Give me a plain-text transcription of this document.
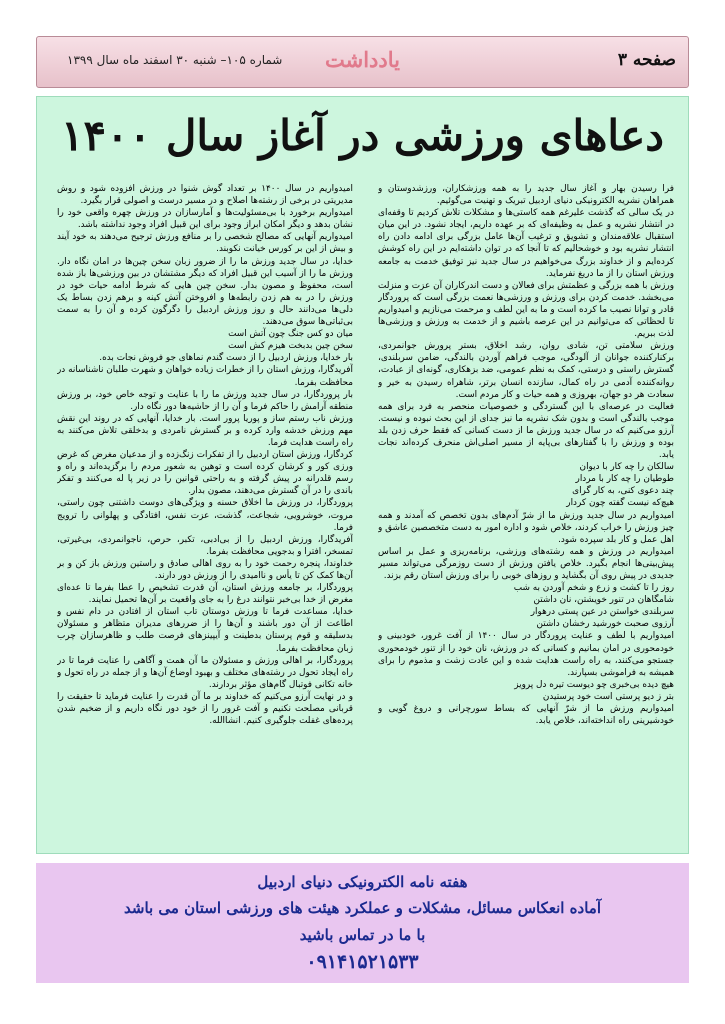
صفحه ۳
یادداشت
شماره ۱۰۵– شنبه ۳۰ اسفند ماه سال ۱۳۹۹
دعاهای ورزشی در آغاز سال ۱۴۰۰

فرا رسیدن بهار و آغاز سال جدید را به همه ورزشکاران، ورزشدوستان و همراهان نشریه الکترونیکی دنیای اردبیل تبریک و تهنیت می‌گوئیم.

در یک سالی که گذشت علیرغم همه کاستی‌ها و مشکلات تلاش کردیم تا وقفه‌ای در انتشار نشریه و عمل به وظیفه‌ای که بر عهده داریم، ایجاد نشود. در این میان استقبال علاقه‌مندان و تشویق و ترغیب آن‌ها عامل بزرگی برای ادامه دادن راه انتشار نشریه بود و خوشحالیم که تا آنجا که در توان داشته‌ایم در این راه کوشش کرده‌ایم و از خداوند بزرگ می‌خواهیم در سال جدید نیز توفیق خدمت به جامعه ورزش استان را از ما دریغ نفرماید.

ورزش با همه بزرگی و عظمتش برای فعالان و دست اندرکاران آن عزت و منزلت می‌بخشد. خدمت کردن برای ورزش و ورزشی‌ها نعمت بزرگی است که پروردگار قادر و توانا نصیب ما کرده است و ما به این لطف و مرحمت می‌نازیم و امیدواریم تا لحظاتی که می‌توانیم در این عرصه باشیم و از خدمت به ورزش و ورزشی‌ها لذت ببریم.

ورزش سلامتی تن، شادی روان، رشد اخلاق، بستر پرورش جوانمردی، برکنارکننده جوانان از آلودگی، موجب فراهم آوردن بالندگی، ضامن سربلندی، گسترش راستی و درستی، کمک به نظم عمومی، ضد بزهکاری، گونه‌ای از عبادت، روانه‌کننده آدمی در راه کمال، سازنده انسان برتر، شاهراه رسیدن به خیر و سعادت هر دو جهان، بهروزی و همه حیات و کار مردم است.

فعالیت در عرصه‌ای با این گستردگی و خصوصیات منحصر به فرد برای همه موجب بالندگی است و بدون شک نشریه ما نیز جدای از این بحث نبوده و نیست. آرزو می‌کنیم که در سال جدید ورزش ما از دست کسانی که فقط حرف زدن بلد بوده و ورزش را با گفتارهای بی‌پایه از مسیر اصلی‌اش منحرف کرده‌اند نجات یابد.

سالکان را چه کار با دیوان

طوطیان را چه کار با مردار

چند دعوی کنی، به کار گرای

هیچ‌که نیست گفته چون کردار

امیدواریم در سال جدید ورزش ما از شرّ آدم‌های بدون تخصص که آمدند و همه چیز ورزش را خراب کردند، خلاص شود و اداره امور به دست متخصصین عاشق و اهل عمل و کار بلد سپرده شود.

امیدواریم در ورزش و همه رشته‌های ورزشی، برنامه‌ریزی و عمل بر اساس پیش‌بینی‌ها انجام بگیرد. خلاص یافتن ورزش از دست روزمرگی می‌تواند مسیر جدیدی در پیش روی آن بگشاید و روزهای خوبی را برای ورزش استان رقم بزند.

روز را تا کشت و زرع و شخم آوردن به شب

شامگاهان در تنور خویشتن، نان داشتن

سربلندی خواستن در عین پستی درهوار

آرزوی صحبت خورشید رخشان داشتن

امیدواریم با لطف و عنایت پروردگار در سال ۱۴۰۰ از آفت غرور، خودبینی و خودمحوری در امان بمانیم و کسانی که در ورزش، نان خود را از تنور خودمحوری جستجو می‌کنند، به راه راست هدایت شده و این عادت زشت و مذموم را برای همیشه به فراموشی بسپارند.

هیچ دیده بی‌خبری چو دیوست تیره دل پرویز

بتر ز دیو پرستی است خود پرستیدن

امیدواریم ورزش ما از شرّ آنهایی که بساط سورچرانی و دروغ گویی و خودشیرینی راه انداخته‌اند، خلاص یابد.

امیدواریم در سال ۱۴۰۰ بر تعداد گوش شنوا در ورزش افزوده شود و روش مدیریتی در برخی از رشته‌ها اصلاح و در مسیر درست و اصولی قرار بگیرد.

امیدواریم برخورد با بی‌مسئولیت‌ها و آمارسازان در ورزش چهره واقعی خود را نشان بدهد و دیگر امکان ابراز وجود برای این قبیل افراد وجود نداشته باشد.

امیدواریم آنهایی که مصالح شخصی را بر منافع ورزش ترجیح می‌دهند به خود آیند و بیش از این بر کورس خیانت نکوبند.

خدایا، در سال جدید ورزش ما را از ضرور زبان سخن چین‌ها در امان نگاه دار. ورزش ما را از آسیب این قبیل افراد که دیگر مشتشان در بین ورزشی‌ها باز شده است، محفوظ و مصون بدار. سخن چین هایی که شرط ادامه حیات خود در ورزش را در به هم زدن رابطه‌ها و افروختن آتش کینه و برهم زدن بساط یک دلی‌ها می‌دانند حال و روز ورزش اردبیل را دگرگون کرده و آن را به سمت بی‌ثباتی‌ها سوق می‌دهند.

میان دو کس جنگ چون آتش است

سخن چین بدبخت هیزم کش است

بار خدایا، ورزش اردبیل را از دست گندم نماهای جو فروش نجات بده.

آفریدگارا، ورزش استان را از خطرات زیاده خواهان و شهرت طلبان ناشناسانه در محافظت بفرما.

بار پروردگارا، در سال جدید ورزش ما را با عنایت و توجه خاص خود، بر ورزش منطقه آرامش را حاکم فرما و آن را از حاشیه‌ها دور نگاه دار.

ورزش ناب رستم ساز و پوریا پرور است. بار خدایا، آنهایی که در روند این نقش مهم ورزش خدشه وارد کرده و بر گسترش نامردی و بدخلقی تلاش می‌کنند به راه راست هدایت فرما.

کردگارا، ورزش استان اردبیل را از تفکرات زنگ‌زده و از مدعیان مغرض که غرض ورزی کور و کرشان کرده است و توهین به شعور مردم را برگزیده‌اند و راه و رسم قلدرانه در پیش گرفته و به راحتی قوانین را در زیر پا له می‌کنند و تفکر باندی را در آن گسترش می‌دهند، مصون بدار.

پروردگارا، در ورزش ما اخلاق حسنه و ویژگی‌های دوست داشتنی چون راستی، مروت، خوشرویی، شجاعت، گذشت، عزت نفس، افتادگی و پهلوانی را ترویج فرما.

آفریدگارا، ورزش اردبیل را از بی‌ادبی، تکبر، حرص، ناجوانمردی، بی‌غیرتی، تمسخر، افترا و بدجویی محافظت بفرما.

خداوندا، پنجره رحمت خود را به روی اهالی صادق و راستین ورزش باز کن و بر آن‌ها کمک کن تا یأس و ناامیدی را از ورزش دور دارند.

پروردگارا، بر جامعه ورزش استان، آن قدرت تشخیص را عطا بفرما تا عده‌ای مغرض از خدا بی‌خبر نتوانند درغ را به جای واقعیت بر آن‌ها تحمیل نمایند.

خدایا، مساعدت فرما تا ورزش دوستان تاب استان از افتادن در دام نفس و اطاعت از آن دور باشند و آن‌ها را از ضررهای مدیران متظاهر و مسئولان بدسلیقه و قوم پرستان بدطینت و آیپینزهای فرصت طلب و ظاهرسازان چرب زبان محافظت بفرما.

پروردگارا، بر اهالی ورزش و مسئولان ما آن همت و آگاهی را عنایت فرما تا در راه ایجاد تحول در رشته‌های مختلف و بهبود اوضاع آن‌ها و از جمله در راه تحول و خانه تکانی فوتبال گام‌های مؤثر بردارند.

و در نهایت آرزو می‌کنیم که خداوند بر ما آن قدرت را عنایت فرماید تا حقیقت را قربانی مصلحت نکنیم و آفت غرور را از خود دور نگاه داریم و از ضخیم شدن پرده‌های غفلت جلوگیری کنیم. انشاالله.

هفته نامه الکترونیکی دنیای اردبیل
آماده انعکاس مسائل، مشکلات و عملکرد هیئت های ورزشی استان می باشد
با ما در تماس باشید
۰۹۱۴۱۵۲۱۵۳۳
